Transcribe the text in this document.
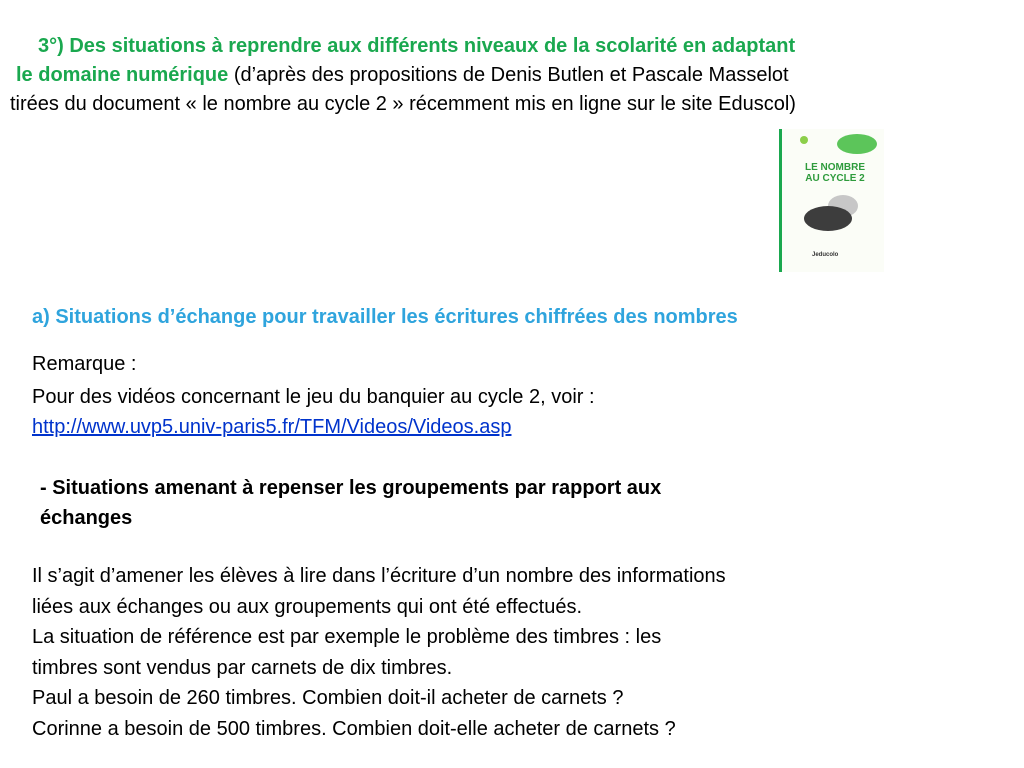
3°) Des situations à reprendre aux différents niveaux de la scolarité en adaptant
le domaine numérique (d’après des propositions de Denis Butlen et Pascale Masselot
tirées du document « le nombre au cycle 2 » récemment mis en ligne sur le site Eduscol)
LE NOMBRE AU CYCLE 2
Jeducolo
a) Situations d’échange pour travailler les écritures chiffrées des nombres
Remarque :
Pour des vidéos concernant le jeu du banquier au cycle 2, voir :
http://www.uvp5.univ-paris5.fr/TFM/Videos/Videos.asp
- Situations amenant à repenser les groupements par rapport aux
échanges
Il s’agit d’amener les élèves à lire dans l’écriture d’un nombre des informations
liées aux échanges ou aux groupements qui ont été effectués.
La situation de référence est par exemple le problème des timbres : les
timbres sont vendus par carnets de dix timbres.
Paul a besoin de 260 timbres. Combien doit-il acheter de carnets ?
Corinne a besoin de 500 timbres. Combien doit-elle acheter de carnets ?
